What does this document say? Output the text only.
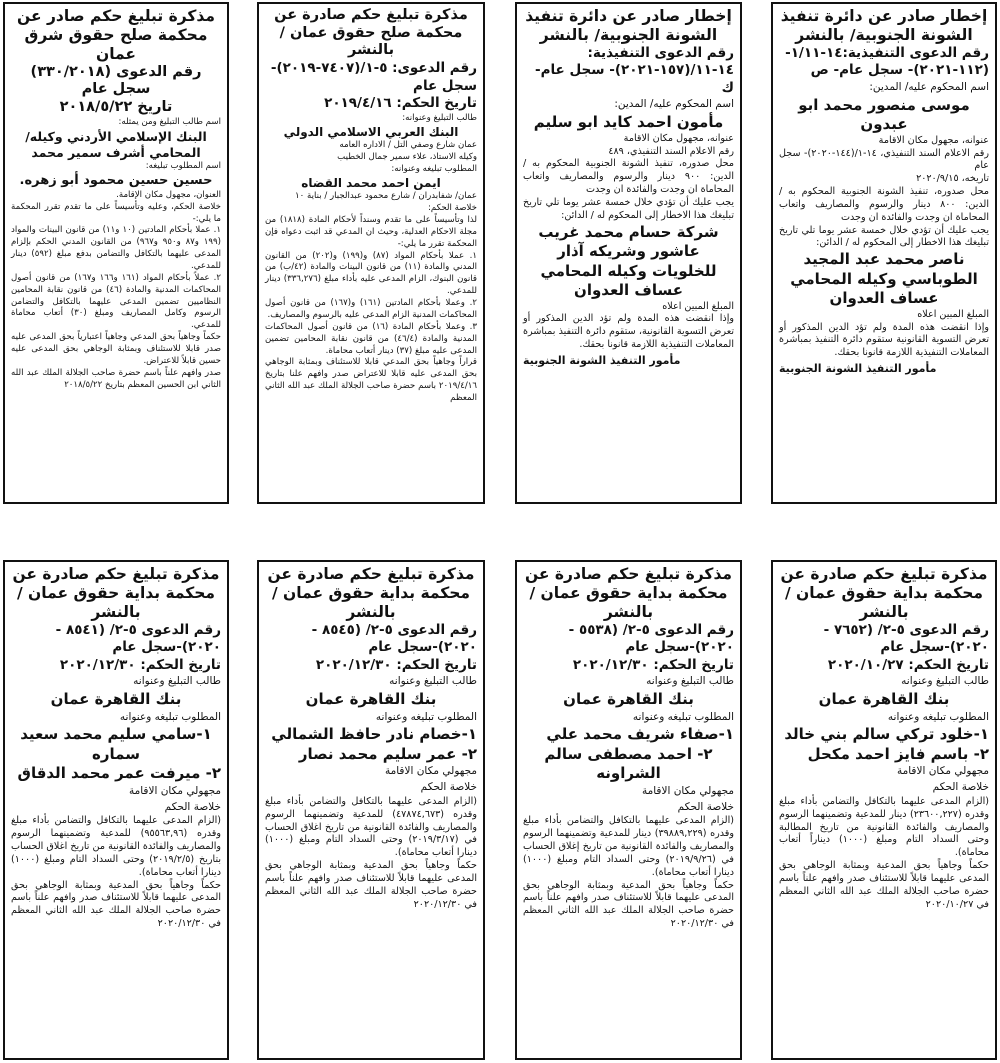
إخطار صادر عن دائرة تنفيذ الشونة الجنوبية/ بالنشر
رقم الدعوى التنفيذية:١٤-١/١١-(١١٢-٢٠٢١)- سجل عام- ص
اسم المحكوم عليه/ المدين:
موسى منصور محمد ابو عبدون
عنوانه، مجهول مكان الاقامة
رقم الاعلام السند التنفيذي، ١٤-١/(١٤٤-٢٠٢٠)- سجل عام
تاريخه، ٢٠٢٠/٩/١٥
محل صدوره، تنفيذ الشونة الجنوبية المحكوم به / الدين: ٨٠٠ دينار والرسوم والمصاريف واتعاب المحاماة ان وجدت والفائدة ان وجدت
يجب عليك أن تؤدي خلال خمسة عشر يوما تلي تاريخ تبليغك هذا الاخطار إلى المحكوم له / الدائن:
ناصر محمد عبد المجيد الطوباسي وكيله المحامي عساف العدوان
المبلغ المبين اعلاه
وإذا انقضت هذه المدة ولم تؤد الدين المذكور أو تعرض التسوية القانونية ستقوم دائرة التنفيذ بمباشرة المعاملات التنفيذية اللازمة قانونا بحقك.
مأمور التنفيذ الشونة الجنوبية
إخطار صادر عن دائرة تنفيذ الشونة الجنوبية/ بالنشر
رقم الدعوى التنفيذية: ١٤-١١/(١٥٧-٢٠٢١)- سجل عام- ك
اسم المحكوم عليه/ المدين:
مأمون احمد كايد ابو سليم
عنوانه، مجهول مكان الاقامة
رقم الاعلام السند التنفيذي، ٤٨٩
محل صدوره، تنفيذ الشونة الجنوبية المحكوم به / الدين: ٩٠٠ دينار والرسوم والمصاريف واتعاب المحاماة ان وجدت والفائدة ان وجدت
يجب عليك أن تؤدي خلال خمسة عشر يوما تلي تاريخ تبليغك هذا الاخطار إلى المحكوم له / الدائن:
شركة حسام محمد غريب عاشور وشريكه آذار للخلويات وكيله المحامي عساف العدوان
المبلغ المبين اعلاه
وإذا انقضت هذه المدة ولم تؤد الدين المذكور أو تعرض التسوية القانونية، ستقوم دائرة التنفيذ بمباشرة المعاملات التنفيذية اللازمة قانونا بحقك.
مأمور التنفيذ الشونة الجنوبية
مذكرة تبليغ حكم صادرة عن محكمة صلح حقوق عمان / بالنشر
رقم الدعوى: ٥-١/(٧٤٠٧-٢٠١٩)-سجل عام
تاريخ الحكم: ٢٠١٩/٤/١٦
طالب التبليغ وعنوانه:
البنك العربي الاسلامي الدولي
عمان شارع وصفي التل / الاداره العامه
وكيله الاستاذ، علاء سمير جمال الخطيب
المطلوب تبليغه وعنوانه:
ايمن احمد محمد القضاه
عمان/ شفابدران / شارع محمود عبدالجبار / بناية ١٠
خلاصة الحكم:
لذا وتأسيساً على ما تقدم وسنداً لأحكام المادة (١٨١٨) من مجلة الاحكام العدلية، وحيث ان المدعي قد اثبت دعواه فإن المحكمة تقرر ما يلي:-
١. عملا بأحكام المواد (٨٧) و(١٩٩) و(٢٠٢) من القانون المدني والمادة (١١) من قانون البينات والمادة (٤٢/ب) من قانون البنوك، الزام المدعى عليه بأداء مبلغ (٣٣٦,٢٧٦) دينار للمدعي.
٢. وعملا بأحكام المادتين (١٦١) و(١٦٧) من قانون أصول المحاكمات المدنية الزام المدعى عليه بالرسوم والمصاريف.
٣. وعملا بأحكام المادة (١٦) من قانون أصول المحاكمات المدنية والمادة (٤٦/٤) من قانون نقابة المحامين تضمين المدعى عليه مبلغ (٣٧) دينار أتعاب محاماة.
قراراً وجاهياً بحق المدعي قابلا للاستئناف وبمثابة الوجاهي بحق المدعى عليه قابلا للاعتراض صدر وافهم علنا بتاريخ ٢٠١٩/٤/١٦ باسم حضرة صاحب الجلالة الملك عبد الله الثاني المعظم
مذكرة تبليغ حكم صادر عن محكمة صلح حقوق شرق عمان
رقم الدعوى (٣٣٠/٢٠١٨)
سجل عام
تاريخ ٢٠١٨/٥/٢٢
اسم طالب التبليغ ومن يمثله:
البنك الإسلامي الأردني وكيله/ المحامي أشرف سمير محمد
اسم المطلوب تبليغه:
حسين حسين محمود أبو زهره.
العنوان، مجهول مكان الإقامة.
خلاصة الحكم، وعليه وتأسيساً على ما تقدم تقرر المحكمة ما يلي:-
١. عملا بأحكام المادتين (١٠ و١١) من قانون البينات والمواد (١٩٩ و٨٧ و٩٥٠ و٩٦٧) من القانون المدني الحكم بإلزام المدعى عليهما بالتكافل والتضامن بدفع مبلغ (٥٩٢) دينار للمدعي.
٢. عملاً بأحكام المواد (١٦١ و١٦٦ و١٦٧) من قانون أصول المحاكمات المدنية والمادة (٤٦) من قانون نقابة المحامين النظاميين تضمين المدعى عليهما بالتكافل والتضامن الرسوم وكامل المصاريف ومبلغ (٣٠) أتعاب محاماة للمدعي.
حكماً وجاهياً بحق المدعي وجاهياً اعتبارياً بحق المدعى عليه صدر قابلا للاستئناف وبمثابة الوجاهي بحق المدعى عليه حسين قابلاً للاعتراض.
صدر وافهم علناً باسم حضرة صاحب الجلالة الملك عبد الله الثاني ابن الحسين المعظم بتاريخ ٢٠١٨/٥/٢٢
مذكرة تبليغ حكم صادرة عن محكمة بداية حقوق عمان / بالنشر
رقم الدعوى ٥-٢/ (٧٦٥٢ - ٢٠٢٠)-سجل عام
تاريخ الحكم: ٢٠٢٠/١٠/٢٧
طالب التبليغ وعنوانه
بنك القاهرة عمان
المطلوب تبليغه وعنوانه
١-خلود تركي سالم بني خالد
٢- باسم فايز احمد مكحل
مجهولي مكان الاقامة
خلاصة الحكم
(الزام المدعى عليهما بالتكافل والتضامن بأداء مبلغ وقدره (٢٣٦٠٠,٢٢٧) دينار للمدعية وتضمينهما الرسوم والمصاريف والفائدة القانونية من تاريخ المطالبة وحتى السداد التام ومبلغ (١٠٠٠) ديناراً أتعاب محاماة).
حكماً وجاهياً بحق المدعية وبمثابة الوجاهي بحق المدعى عليهما قابلاً للاستئناف صدر وافهم علناً باسم حضرة صاحب الجلالة الملك عبد الله الثاني المعظم في ٢٠٢٠/١٠/٢٧
مذكرة تبليغ حكم صادرة عن محكمة بداية حقوق عمان / بالنشر
رقم الدعوى ٥-٢/ (٥٥٣٨ - ٢٠٢٠)-سجل عام
تاريخ الحكم: ٢٠٢٠/١٢/٣٠
طالب التبليغ وعنوانه
بنك القاهرة عمان
المطلوب تبليغه وعنوانه
١-صفاء شريف محمد علي
٢- احمد مصطفى سالم الشراونه
مجهولي مكان الاقامة
خلاصة الحكم
(الزام المدعى عليهما بالتكافل والتضامن بأداء مبلغ وقدره (٣٩٨٨٩,٢٢٩) دينار للمدعية وتضمينهما الرسوم والمصاريف والفائدة القانونية من تاريخ إغلاق الحساب في (٢٠١٩/٩/٢٦) وحتى السداد التام ومبلغ (١٠٠٠) دينارا أتعاب محاماة).
حكماً وجاهياً بحق المدعية وبمثابة الوجاهي بحق المدعى عليهما قابلاً للاستئناف صدر وافهم علناً باسم حضرة صاحب الجلالة الملك عبد الله الثاني المعظم في ٢٠٢٠/١٢/٣٠
مذكرة تبليغ حكم صادرة عن محكمة بداية حقوق عمان / بالنشر
رقم الدعوى ٥-٢/ (٨٥٤٥ - ٢٠٢٠)-سجل عام
تاريخ الحكم: ٢٠٢٠/١٢/٣٠
طالب التبليغ وعنوانه
بنك القاهرة عمان
المطلوب تبليغه وعنوانه
١-خصام نادر حافظ الشمالي
٢- عمر سليم محمد نصار
مجهولي مكان الاقامة
خلاصة الحكم
(الزام المدعى عليهما بالتكافل والتضامن بأداء مبلغ وقدره (٤٧٨٧٤,٦٧٣) للمدعية وتضمينهما الرسوم والمصاريف والفائدة القانونية من تاريخ اغلاق الحساب في (٢٠١٩/٣/١٧) وحتى السداد التام ومبلغ (١٠٠٠) دينارا أتعاب محاماة).
حكماً وجاهياً بحق المدعية وبمثابة الوجاهي بحق المدعى عليهما قابلاً للاستئناف صدر وافهم علناً باسم حضرة صاحب الجلالة الملك عبد الله الثاني المعظم في ٢٠٢٠/١٢/٣٠
مذكرة تبليغ حكم صادرة عن محكمة بداية حقوق عمان / بالنشر
رقم الدعوى ٥-٢/ (٨٥٤١ - ٢٠٢٠)-سجل عام
تاريخ الحكم: ٢٠٢٠/١٢/٣٠
طالب التبليغ وعنوانه
بنك القاهرة عمان
المطلوب تبليغه وعنوانه
١-سامي سليم محمد سعيد سماره
٢- ميرفت عمر محمد الدقاق
مجهولي مكان الاقامة
خلاصة الحكم
(الزام المدعى عليهما بالتكافل والتضامن بأداء مبلغ وقدره (٩٥٥٦٣,٩٦) للمدعية وتضمينهما الرسوم والمصاريف والفائدة القانونية من تاريخ اغلاق الحساب بتاريخ (٢٠١٩/٢/٥) وحتى السداد التام ومبلغ (١٠٠٠) دينارا أتعاب محاماة).
حكماً وجاهياً بحق المدعية وبمثابة الوجاهي بحق المدعى عليهما قابلاً للاستئناف صدر وافهم علناً باسم حضرة صاحب الجلالة الملك عبد الله الثاني المعظم في ٢٠٢٠/١٢/٣٠
